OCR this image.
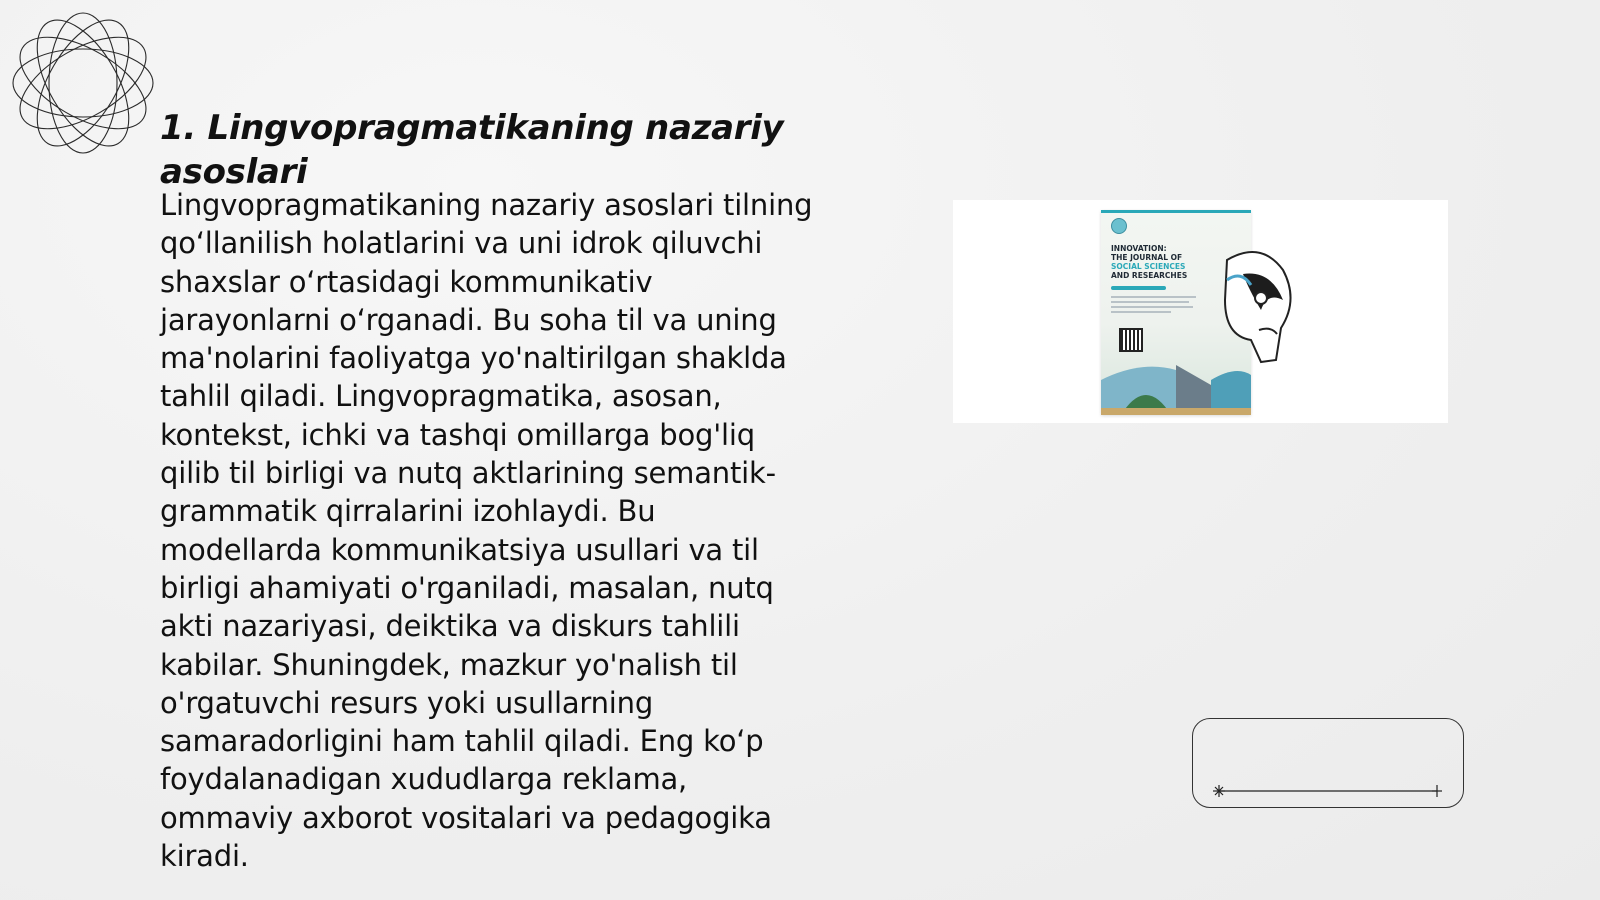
1. Lingvopragmatikaning nazariy asoslari

Lingvopragmatikaning nazariy asoslari tilning qo‘llanilish holatlarini va uni idrok qiluvchi shaxslar o‘rtasidagi kommunikativ jarayonlarni o‘rganadi. Bu soha til va uning ma'nolarini faoliyatga yo'naltirilgan shaklda tahlil qiladi. Lingvopragmatika, asosan, kontekst, ichki va tashqi omillarga bog'liq qilib til birligi va nutq aktlarining semantik-grammatik qirralarini izohlaydi. Bu modellarda kommunikatsiya usullari va til birligi ahamiyati o'rganiladi, masalan, nutq akti nazariyasi, deiktika va diskurs tahlili kabilar. Shuningdek, mazkur yo'nalish til o'rgatuvchi resurs yoki usullarning samaradorligini ham tahlil qiladi. Eng ko‘p foydalanadigan xududlarga reklama, ommaviy axborot vositalari va pedagogika kiradi.

INNOVATION:
THE JOURNAL OF
SOCIAL SCIENCES
AND RESEARCHES
